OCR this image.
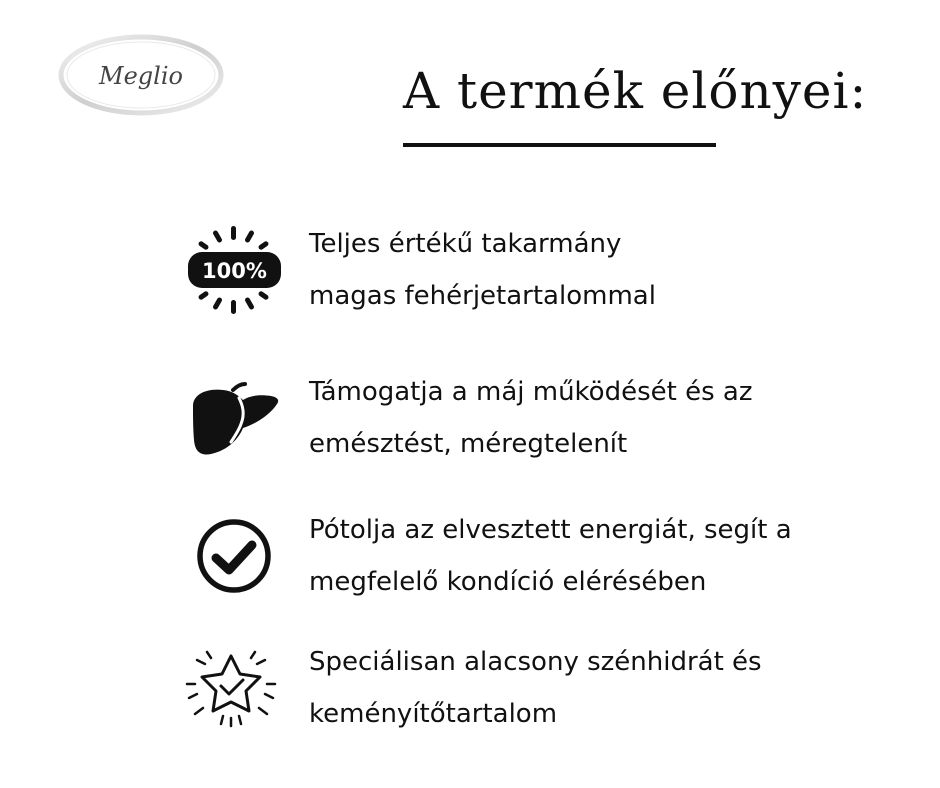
Meglio	A termék előnyei:
100%
Teljes értékű takarmány
magas fehérjetartalommal
Támogatja a máj működését és az
emésztést, méregtelenít
Pótolja az elvesztett energiát, segít a
megfelelő kondíció elérésében
Speciálisan alacsony szénhidrát és
keményítőtartalom
